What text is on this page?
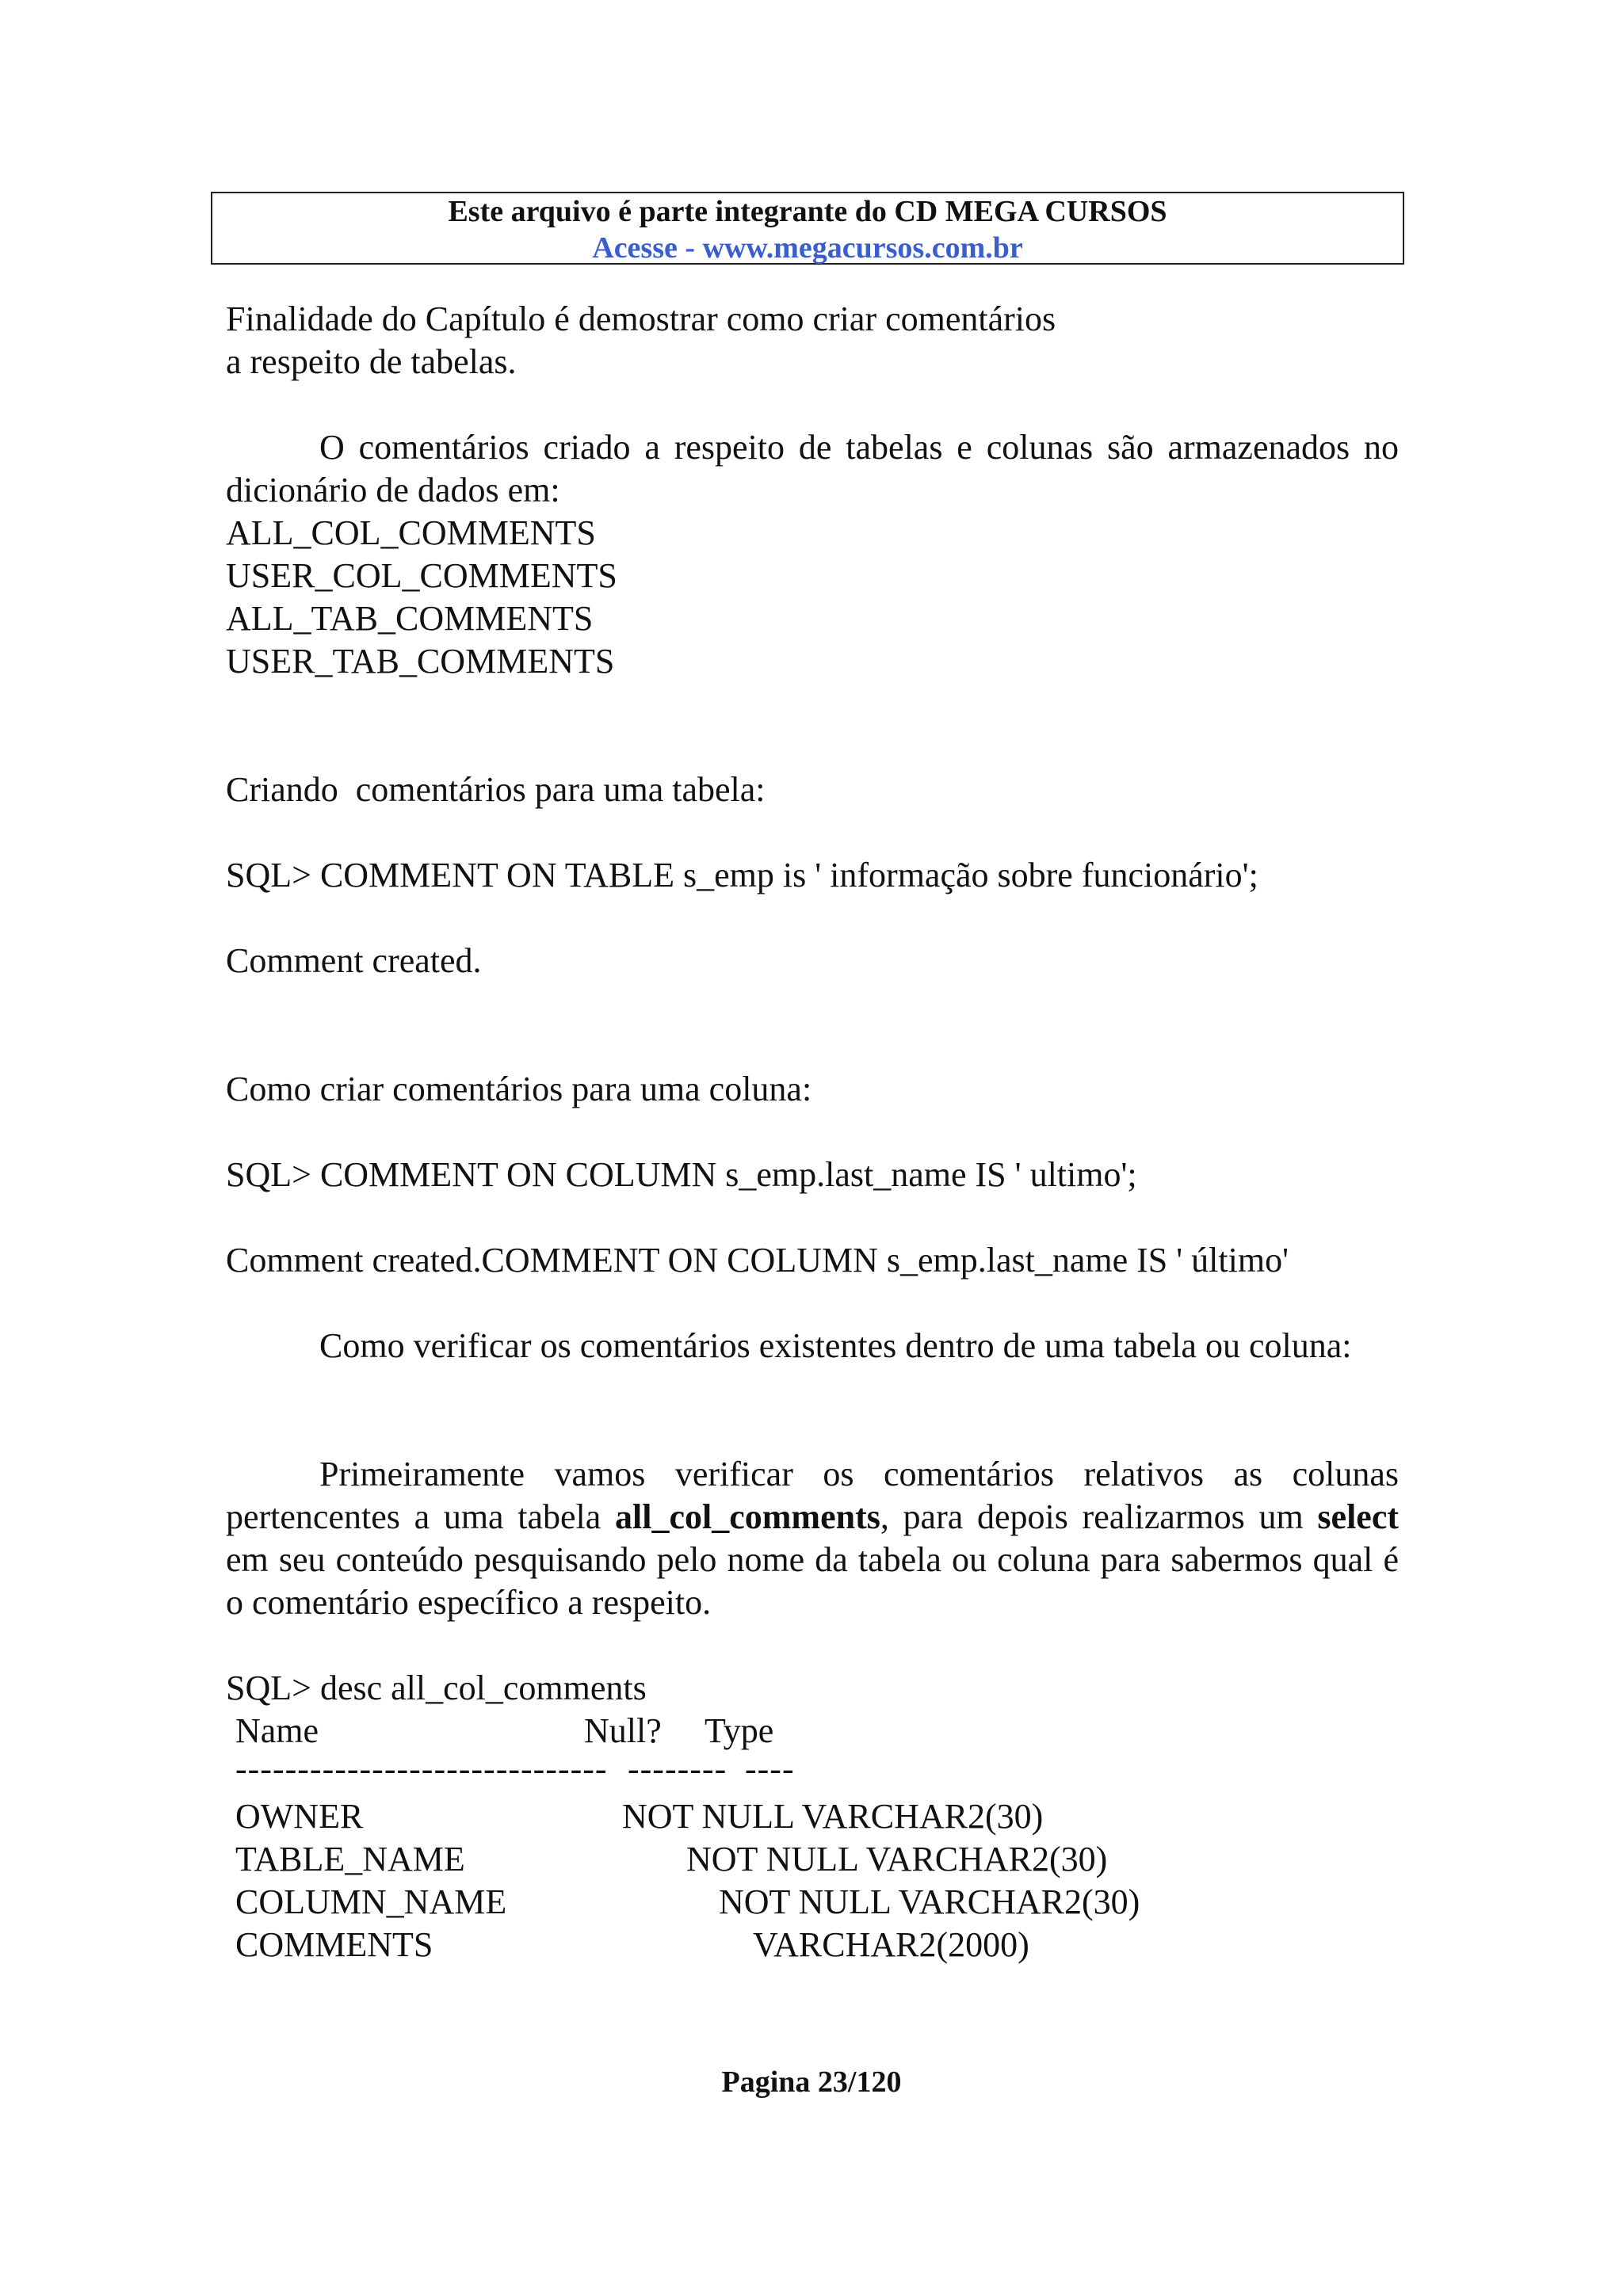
Este arquivo é parte integrante do CD MEGA CURSOS
Acesse - www.megacursos.com.br
Finalidade do Capítulo é demostrar como criar comentários
a respeito de tabelas.
O comentários criado a respeito de tabelas e colunas são armazenados no dicionário de dados em:
ALL_COL_COMMENTS
USER_COL_COMMENTS
ALL_TAB_COMMENTS
USER_TAB_COMMENTS
Criando  comentários para uma tabela:
SQL> COMMENT ON TABLE s_emp is ' informação sobre funcionário';
Comment created.
Como criar comentários para uma coluna:
SQL> COMMENT ON COLUMN s_emp.last_name IS ' ultimo';
Comment created.COMMENT ON COLUMN s_emp.last_name IS ' último'
Como verificar os comentários existentes dentro de uma tabela ou coluna:
Primeiramente vamos verificar os comentários relativos as colunas pertencentes a uma tabela all_col_comments, para depois realizarmos um select em seu conteúdo pesquisando pelo nome da tabela ou coluna para sabermos qual é o comentário específico a respeito.
SQL> desc all_col_comments
Name	Null? Type
------------------------------ -------- ----
OWNER	NOT NULL VARCHAR2(30)
TABLE_NAME	NOT NULL VARCHAR2(30)
COLUMN_NAME	NOT NULL VARCHAR2(30)
COMMENTS	VARCHAR2(2000)
Pagina 23/120
